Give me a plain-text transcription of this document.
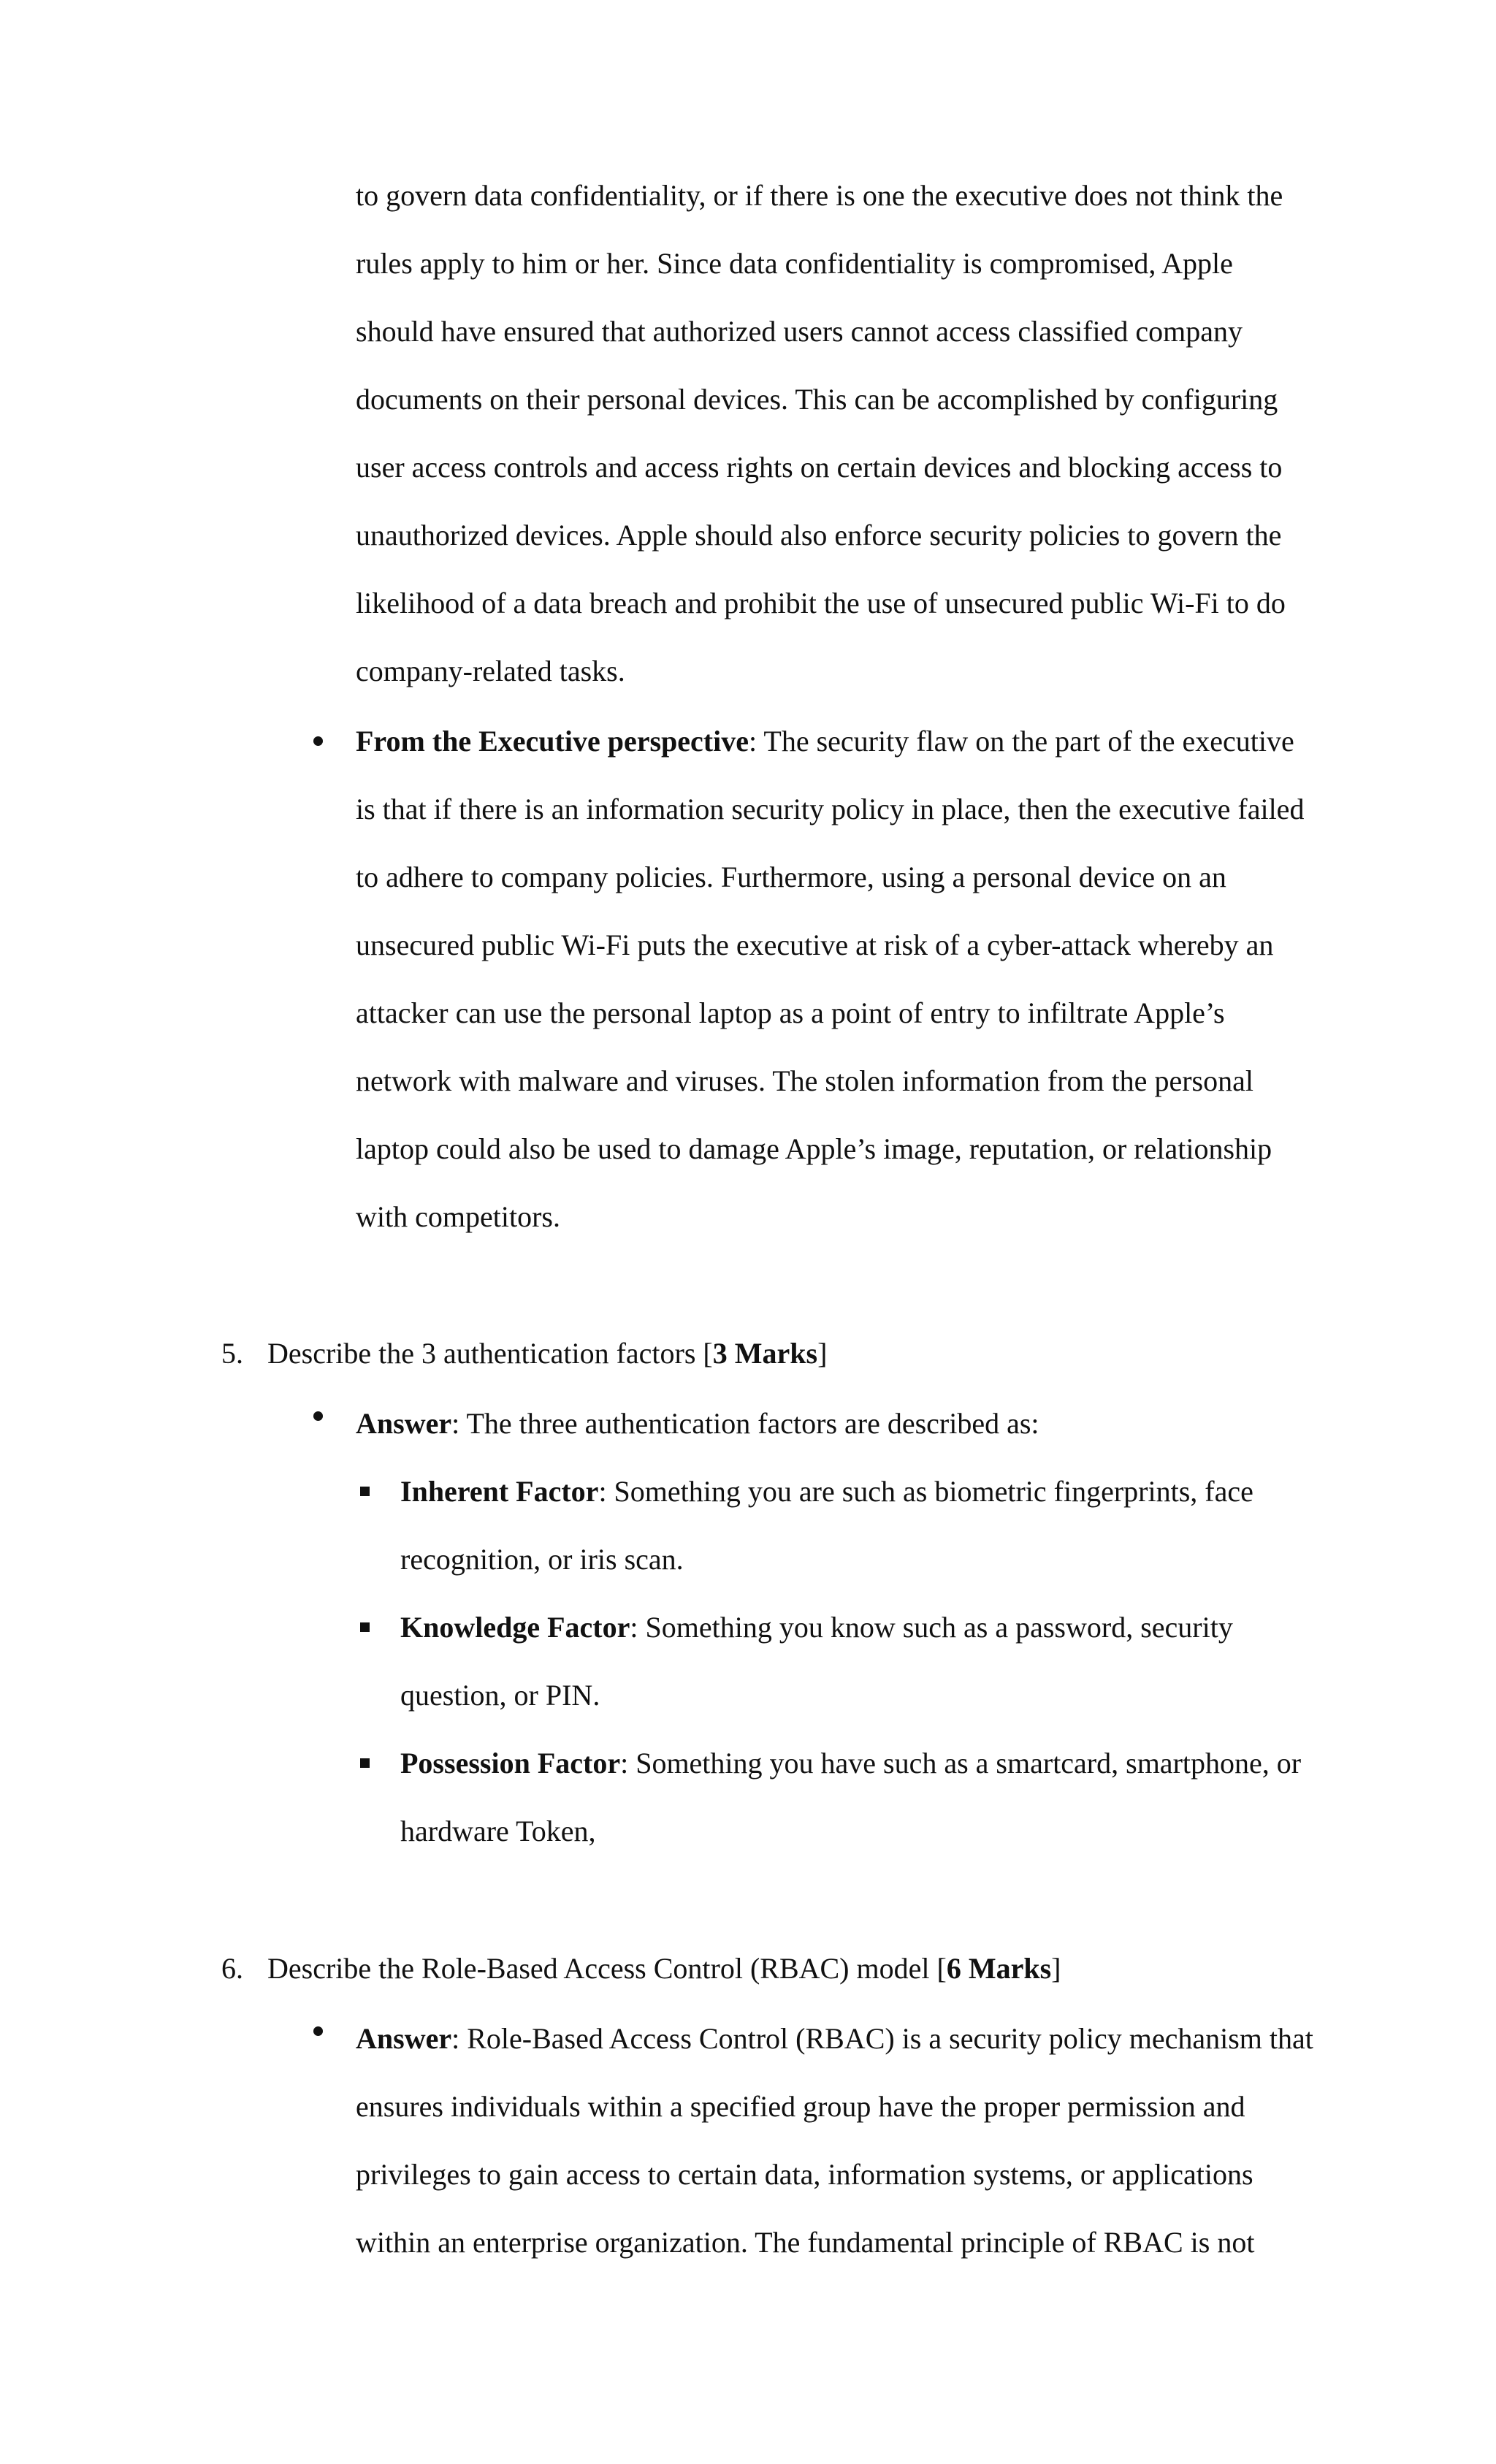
to govern data confidentiality, or if there is one the executive does not think the

rules apply to him or her. Since data confidentiality is compromised, Apple

should have ensured that authorized users cannot access classified company

documents on their personal devices. This can be accomplished by configuring

user access controls and access rights on certain devices and blocking access to

unauthorized devices. Apple should also enforce security policies to govern the

likelihood of a data breach and prohibit the use of unsecured public Wi-Fi to do

company-related tasks.

From the Executive perspective: The security flaw on the part of the executive

is that if there is an information security policy in place, then the executive failed

to adhere to company policies. Furthermore, using a personal device on an

unsecured public Wi-Fi puts the executive at risk of a cyber-attack whereby an

attacker can use the personal laptop as a point of entry to infiltrate Apple’s

network with malware and viruses. The stolen information from the personal

laptop could also be used to damage Apple’s image, reputation, or relationship

with competitors.

5. Describe the 3 authentication factors [3 Marks]

Answer: The three authentication factors are described as:

Inherent Factor: Something you are such as biometric fingerprints, face

recognition, or iris scan.

Knowledge Factor: Something you know such as a password, security

question, or PIN.

Possession Factor: Something you have such as a smartcard, smartphone, or

hardware Token,

6. Describe the Role-Based Access Control (RBAC) model [6 Marks]

Answer: Role-Based Access Control (RBAC) is a security policy mechanism that

ensures individuals within a specified group have the proper permission and

privileges to gain access to certain data, information systems, or applications

within an enterprise organization. The fundamental principle of RBAC is not
